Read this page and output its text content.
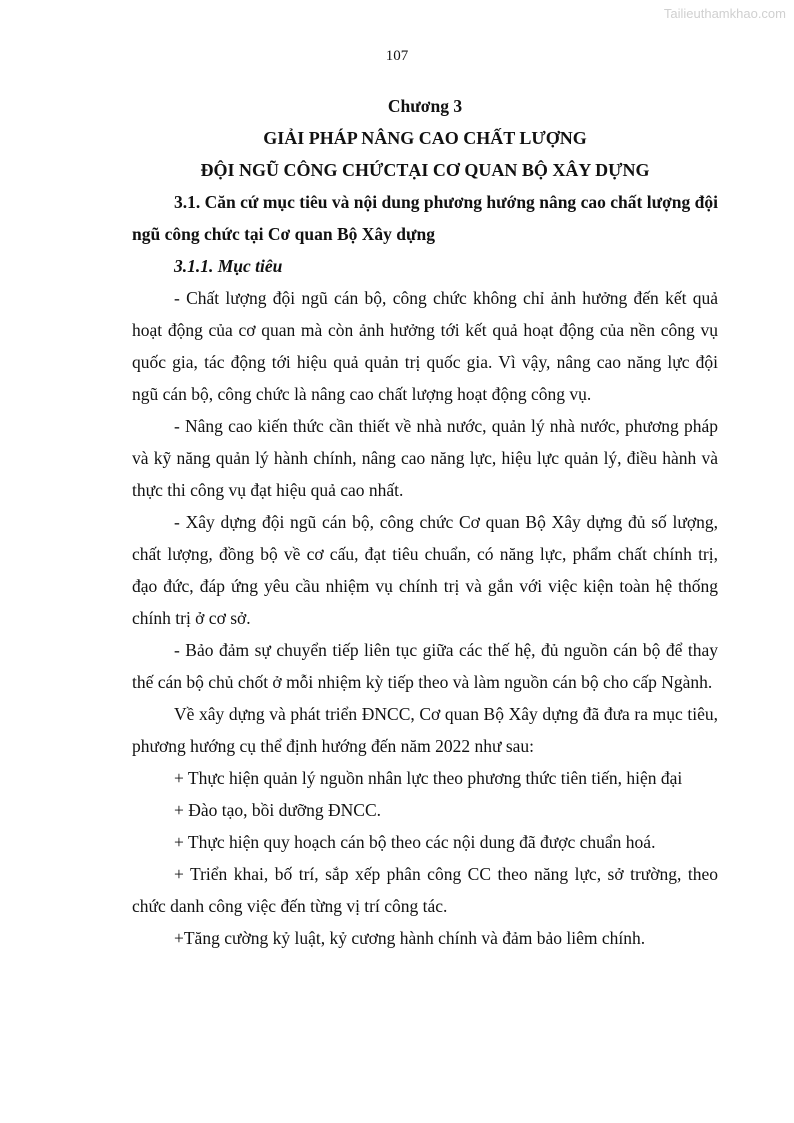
Tailieuthamkhao.com
107
Chương 3
GIẢI PHÁP NÂNG CAO CHẤT LƯỢNG
ĐỘI NGŨ CÔNG CHỨCTẠI CƠ QUAN BỘ XÂY DỰNG

3.1. Căn cứ mục tiêu và nội dung phương hướng nâng cao chất lượng đội ngũ công chức tại Cơ quan Bộ Xây dựng

3.1.1. Mục tiêu

- Chất lượng đội ngũ cán bộ, công chức không chỉ ảnh hưởng đến kết quả hoạt động của cơ quan mà còn ảnh hưởng tới kết quả hoạt động của nền công vụ quốc gia, tác động tới hiệu quả quản trị quốc gia. Vì vậy, nâng cao năng lực đội ngũ cán bộ, công chức là nâng cao chất lượng hoạt động công vụ.

- Nâng cao kiến thức cần thiết về nhà nước, quản lý nhà nước, phương pháp và kỹ năng quản lý hành chính, nâng cao năng lực, hiệu lực quản lý, điều hành và thực thi công vụ đạt hiệu quả cao nhất.

- Xây dựng đội ngũ cán bộ, công chức Cơ quan Bộ Xây dựng đủ số lượng, chất lượng, đồng bộ về cơ cấu, đạt tiêu chuẩn, có năng lực, phẩm chất chính trị, đạo đức, đáp ứng yêu cầu nhiệm vụ chính trị và gắn với việc kiện toàn hệ thống chính trị ở cơ sở.

- Bảo đảm sự chuyển tiếp liên tục giữa các thế hệ, đủ nguồn cán bộ để thay thế cán bộ chủ chốt ở mỗi nhiệm kỳ tiếp theo và làm nguồn cán bộ cho cấp Ngành.

Về xây dựng và phát triển ĐNCC, Cơ quan Bộ Xây dựng đã đưa ra mục tiêu, phương hướng cụ thể định hướng đến năm 2022 như sau:

+ Thực hiện quản lý nguồn nhân lực theo phương thức tiên tiến, hiện đại

+ Đào tạo, bồi dưỡng ĐNCC.

+ Thực hiện quy hoạch cán bộ theo các nội dung đã được chuẩn hoá.

+ Triển khai, bố trí, sắp xếp phân công CC theo năng lực, sở trường, theo chức danh công việc đến từng vị trí công tác.

+Tăng cường kỷ luật, kỷ cương hành chính và đảm bảo liêm chính.
